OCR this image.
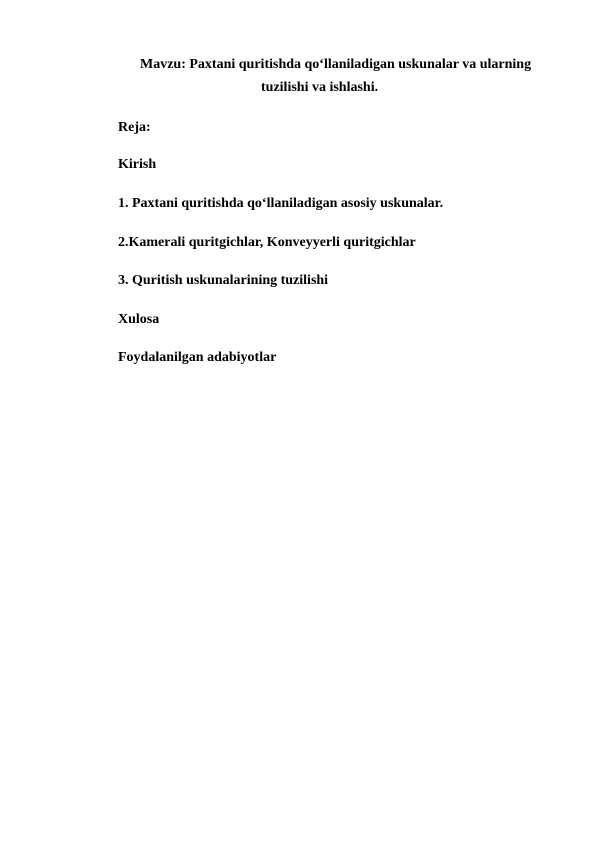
Mavzu: Paxtani quritishda qo‘llaniladigan uskunalar va ularning
tuzilishi va ishlashi.
Reja:
Kirish
1. Paxtani quritishda qo‘llaniladigan asosiy uskunalar.
2.Kamerali quritgichlar, Konveyyerli quritgichlar
3. Quritish uskunalarining tuzilishi
Xulosa
Foydalanilgan adabiyotlar
